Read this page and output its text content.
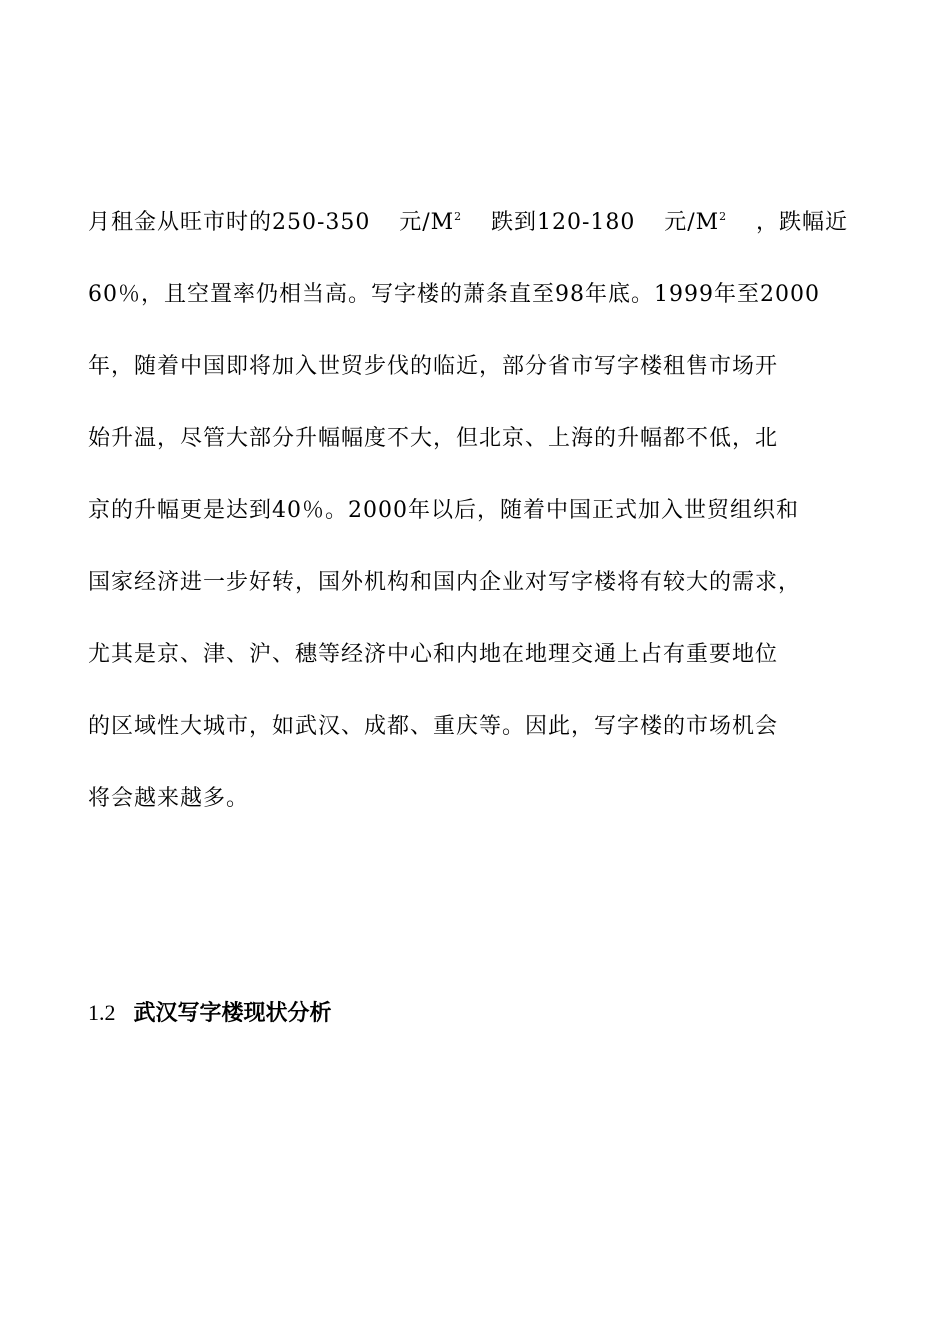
月租金从旺市时的250-350 元$/M^2$ 跌到120-180 元$/M^2$ ，跌幅近
60％，且空置率仍相当高。写字楼的萧条直至98年底。1999年至2000
年，随着中国即将加入世贸步伐的临近，部分省市写字楼租售市场开
始升温，尽管大部分升幅幅度不大，但北京、上海的升幅都不低，北
京的升幅更是达到40％。2000年以后，随着中国正式加入世贸组织和
国家经济进一步好转，国外机构和国内企业对写字楼将有较大的需求，
尤其是京、津、沪、穗等经济中心和内地在地理交通上占有重要地位
的区域性大城市，如武汉、成都、重庆等。因此，写字楼的市场机会
将会越来越多。
1.2 武汉写字楼现状分析
